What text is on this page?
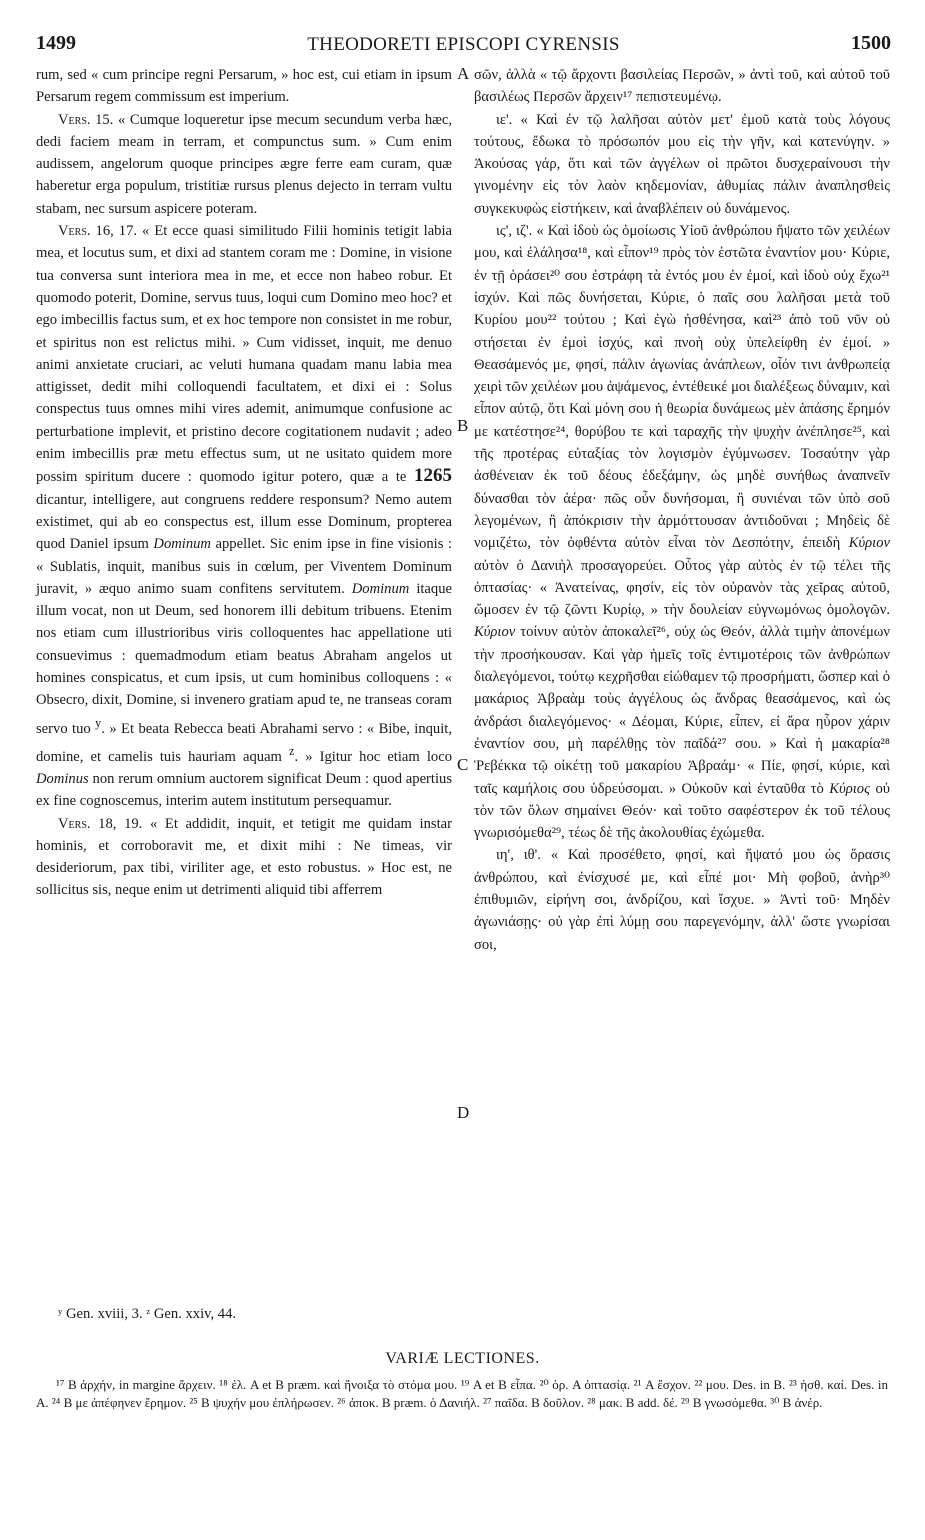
1499	THEODORETI EPISCOPI CYRENSIS	1500
A
B
C
D

rum, sed « cum principe regni Persarum, » hoc est, cui etiam in ipsum Persarum regem commissum est imperium.

Vers. 15. « Cumque loqueretur ipse mecum secundum verba hæc, dedi faciem meam in terram, et compunctus sum. » Cum enim audissem, angelorum quoque principes ægre ferre eam curam, quæ haberetur erga populum, tristitiæ rursus plenus dejecto in terram vultu stabam, nec sursum aspicere poteram.

Vers. 16, 17. « Et ecce quasi similitudo Filii hominis tetigit labia mea, et locutus sum, et dixi ad stantem coram me : Domine, in visione tua conversa sunt interiora mea in me, et ecce non habeo robur. Et quomodo poterit, Domine, servus tuus, loqui cum Domino meo hoc? et ego imbecillis factus sum, et ex hoc tempore non consistet in me robur, et spiritus non est relictus mihi. » Cum vidisset, inquit, me denuo animi anxietate cruciari, ac veluti humana quadam manu labia mea attigisset, dedit mihi colloquendi facultatem, et dixi ei : Solus conspectus tuus omnes mihi vires ademit, animumque confusione ac perturbatione implevit, et pristino decore cogitationem nudavit ; adeo enim imbecillis præ metu effectus sum, ut ne usitato quidem more possim spiritum ducere : quomodo igitur potero, quæ a te 1265 dicantur, intelligere, aut congruens reddere responsum? Nemo autem existimet, qui ab eo conspectus est, illum esse Dominum, propterea quod Daniel ipsum Dominum appellet. Sic enim ipse in fine visionis : « Sublatis, inquit, manibus suis in cœlum, per Viventem Dominum juravit, » æquo animo suam confitens servitutem. Dominum itaque illum vocat, non ut Deum, sed honorem illi debitum tribuens. Etenim nos etiam cum illustrioribus viris colloquentes hac appellatione uti consuevimus : quemadmodum etiam beatus Abraham angelos ut homines conspicatus, et cum ipsis, ut cum hominibus colloquens : « Obsecro, dixit, Domine, si invenero gratiam apud te, ne transeas coram servo tuo $^y$. » Et beata Rebecca beati Abrahami servo : « Bibe, inquit, domine, et camelis tuis hauriam aquam $^z$. » Igitur hoc etiam loco Dominus non rerum omnium auctorem significat Deum : quod apertius ex fine cognoscemus, interim autem institutum persequamur.

Vers. 18, 19. « Et addidit, inquit, et tetigit me quidam instar hominis, et corroboravit me, et dixit mihi : Ne timeas, vir desideriorum, pax tibi, viriliter age, et esto robustus. » Hoc est, ne sollicitus sis, neque enim ut detrimenti aliquid tibi afferrem

σῶν, ἀλλὰ « τῷ ἄρχοντι βασιλείας Περσῶν, » ἀντὶ τοῦ, καὶ αὐτοῦ τοῦ βασιλέως Περσῶν ἄρχειν¹⁷ πεπιστευμένῳ.

ιε'. « Καὶ ἐν τῷ λαλῆσαι αὐτὸν μετ' ἐμοῦ κατὰ τοὺς λόγους τούτους, ἔδωκα τὸ πρόσωπόν μου εἰς τὴν γῆν, καὶ κατενύγην. » Ἀκούσας γάρ, ὅτι καὶ τῶν ἀγγέλων οἱ πρῶτοι δυσχεραίνουσι τὴν γινομένην εἰς τὸν λαὸν κηδεμονίαν, ἀθυμίας πάλιν ἀναπλησθεὶς συγκεκυφὼς εἱστήκειν, καὶ ἀναβλέπειν οὐ δυνάμενος.

ις', ιζ'. « Καὶ ἰδοὺ ὡς ὁμοίωσις Υἱοῦ ἀνθρώπου ἥψατο τῶν χειλέων μου, καὶ ἐλάλησα¹⁸, καὶ εἶπον¹⁹ πρὸς τὸν ἑστῶτα ἐναντίον μου· Κύριε, ἐν τῇ ὁράσει²⁰ σου ἐστράφη τὰ ἐντός μου ἐν ἐμοί, καὶ ἰδοὺ οὐχ ἔχω²¹ ἰσχύν. Καὶ πῶς δυνήσεται, Κύριε, ὁ παῖς σου λαλῆσαι μετὰ τοῦ Κυρίου μου²² τούτου ; Καὶ ἐγὼ ἠσθένησα, καὶ²³ ἀπὸ τοῦ νῦν οὐ στήσεται ἐν ἐμοὶ ἰσχύς, καὶ πνοὴ οὐχ ὑπελείφθη ἐν ἐμοί. » Θεασάμενός με, φησί, πάλιν ἀγωνίας ἀνάπλεων, οἷόν τινι ἀνθρωπείᾳ χειρὶ τῶν χειλέων μου ἀψάμενος, ἐντέθεικέ μοι διαλέξεως δύναμιν, καὶ εἶπον αὐτῷ, ὅτι Καὶ μόνη σου ἡ θεωρία δυνάμεως μὲν ἁπάσης ἔρημόν με κατέστησε²⁴, θορύβου τε καὶ ταραχῆς τὴν ψυχὴν ἀνέπλησε²⁵, καὶ τῆς προτέρας εὐταξίας τὸν λογισμὸν ἐγύμνωσεν. Τοσαύτην γὰρ ἀσθένειαν ἐκ τοῦ δέους ἐδεξάμην, ὡς μηδὲ συνήθως ἀναπνεῖν δύνασθαι τὸν ἀέρα· πῶς οὖν δυνήσομαι, ἢ συνιέναι τῶν ὑπὸ σοῦ λεγομένων, ἢ ἀπόκρισιν τὴν ἁρμόττουσαν ἀντιδοῦναι ; Μηδεὶς δὲ νομιζέτω, τὸν ὀφθέντα αὐτὸν εἶναι τὸν Δεσπότην, ἐπειδὴ Κύριον αὐτὸν ὁ Δανιὴλ προσαγορεύει. Οὗτος γὰρ αὐτὸς ἐν τῷ τέλει τῆς ὀπτασίας· « Ἀνατείνας, φησίν, εἰς τὸν οὐρανὸν τὰς χεῖρας αὐτοῦ, ὤμοσεν ἐν τῷ ζῶντι Κυρίῳ, » τὴν δουλείαν εὐγνωμόνως ὁμολογῶν. Κύριον τοίνυν αὐτὸν ἀποκαλεῖ²⁶, οὐχ ὡς Θεόν, ἀλλὰ τιμὴν ἀπονέμων τὴν προσήκουσαν. Καὶ γὰρ ἡμεῖς τοῖς ἐντιμοτέροις τῶν ἀνθρώπων διαλεγόμενοι, τούτῳ κεχρῆσθαι εἰώθαμεν τῷ προσρήματι, ὥσπερ καὶ ὁ μακάριος Ἀβραὰμ τοὺς ἀγγέλους ὡς ἄνδρας θεασάμενος, καὶ ὡς ἀνδράσι διαλεγόμενος· « Δέομαι, Κύριε, εἶπεν, εἰ ἄρα ηὗρον χάριν ἐναντίον σου, μὴ παρέλθῃς τὸν παῖδά²⁷ σου. » Καὶ ἡ μακαρία²⁸ Ῥεβέκκα τῷ οἰκέτῃ τοῦ μακαρίου Ἀβραάμ· « Πίε, φησί, κύριε, καὶ ταῖς καμήλοις σου ὑδρεύσομαι. » Οὐκοῦν καὶ ἐνταῦθα τὸ Κύριος οὐ τὸν τῶν ὅλων σημαίνει Θεόν· καὶ τοῦτο σαφέστερον ἐκ τοῦ τέλους γνωρισόμεθα²⁹, τέως δὲ τῆς ἀκολουθίας ἐχώμεθα.

ιη', ιθ'. « Καὶ προσέθετο, φησί, καὶ ἥψατό μου ὡς ὅρασις ἀνθρώπου, καὶ ἐνίσχυσέ με, καὶ εἶπέ μοι· Μὴ φοβοῦ, ἀνὴρ³⁰ ἐπιθυμιῶν, εἰρήνη σοι, ἀνδρίζου, καὶ ἴσχυε. » Ἀντὶ τοῦ· Μηδὲν ἀγωνιάσῃς· οὐ γὰρ ἐπὶ λύμῃ σου παρεγενόμην, ἀλλ' ὥστε γνωρίσαι σοι,

ʸ Gen. xviii, 3. ᶻ Gen. xxiv, 44.
VARIÆ LECTIONES.

¹⁷ B ἀρχήν, in margine ἄρχειν. ¹⁸ ἐλ. A et B præm. καὶ ἤνοιξα τὸ στόμα μου. ¹⁹ A et B εἶπα. ²⁰ ὁρ. A ὀπτασίᾳ. ²¹ A ἔσχον. ²² μου. Des. in B. ²³ ἠσθ. καί. Des. in A. ²⁴ B με ἀπέφηνεν ἔρημον. ²⁵ B ψυχήν μου ἐπλήρωσεν. ²⁶ ἀποκ. B præm. ὁ Δανιήλ. ²⁷ παῖδα. B δοῦλον. ²⁸ μακ. B add. δέ. ²⁹ B γνωσόμεθα. ³⁰ B ἀνέρ.
